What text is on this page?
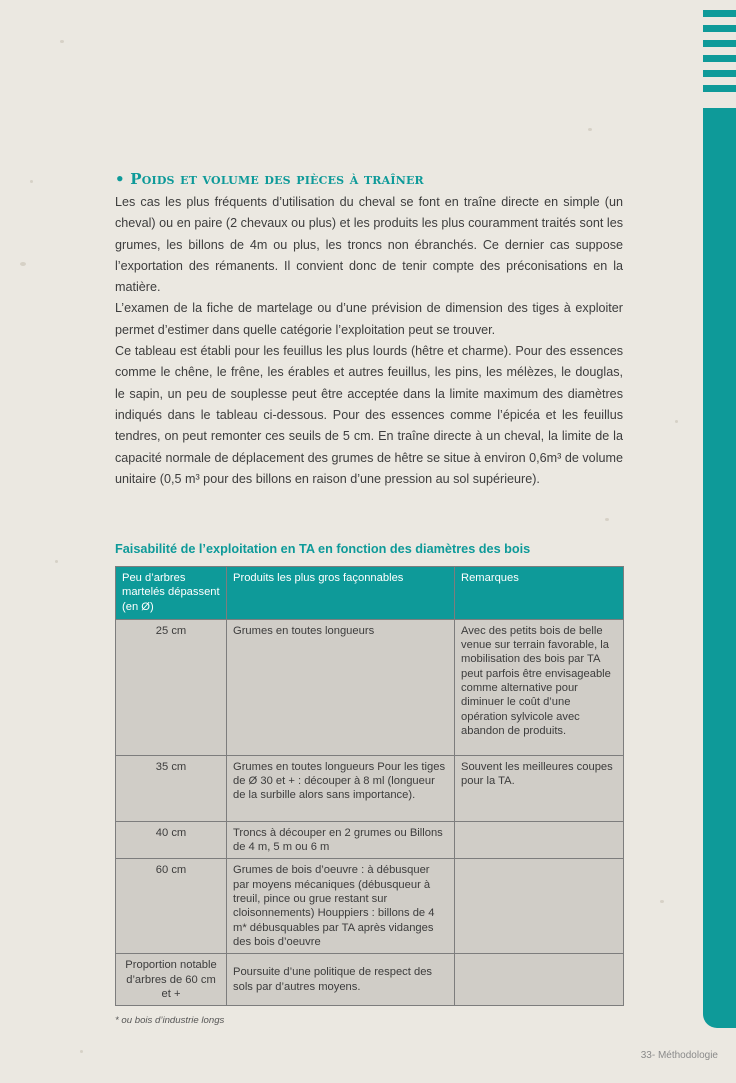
• Poids et volume des pièces à traîner

Les cas les plus fréquents d’utilisation du cheval se font en traîne directe en simple (un cheval) ou en paire (2 chevaux ou plus) et les produits les plus couramment traités sont les grumes, les billons de 4m ou plus, les troncs non ébranchés. Ce dernier cas suppose l’exportation des rémanents. Il convient donc de tenir compte des préconisations en la matière.

L’examen de la fiche de martelage ou d’une prévision de dimension des tiges à exploiter permet d’estimer dans quelle catégorie l’exploitation peut se trouver.

Ce tableau est établi pour les feuillus les plus lourds (hêtre et charme). Pour des essences comme le chêne, le frêne, les érables et autres feuillus, les pins, les mélèzes, le douglas, le sapin, un peu de souplesse peut être acceptée dans la limite maximum des diamètres indiqués dans le tableau ci-dessous. Pour des essences comme l’épicéa et les feuillus tendres, on peut remonter ces seuils de 5 cm. En traîne directe à un cheval, la limite de la capacité normale de déplacement des grumes de hêtre se situe à environ 0,6m³ de volume unitaire (0,5 m³ pour des billons en raison d’une pression au sol supérieure).

Faisabilité de l’exploitation en TA en fonction des diamètres des bois
Peu d’arbres martelés dépassent (en Ø)	Produits les plus gros façonnables	Remarques
25 cm	Grumes en toutes longueurs	Avec des petits bois de belle venue sur terrain favorable, la mobilisation des bois par TA peut parfois être envisageable comme alternative pour diminuer le coût d’une opération sylvicole avec abandon de produits.
35 cm	Grumes en toutes longueurs Pour les tiges de Ø 30 et + : découper à 8 ml (longueur de la surbille alors sans importance).	Souvent les meilleures coupes pour la TA.
40 cm	Troncs à découper en 2 grumes ou Billons de 4 m, 5 m ou 6 m	
60 cm	Grumes de bois d’oeuvre : à débusquer par moyens mécaniques (débusqueur à treuil, pince ou grue restant sur cloisonnements) Houppiers : billons de 4 m* débusquables par TA après vidanges des bois d’oeuvre	
Proportion notable d’arbres de 60 cm et +	Poursuite d’une politique de respect des sols par d’autres moyens.	
* ou bois d’industrie longs
33- Méthodologie
